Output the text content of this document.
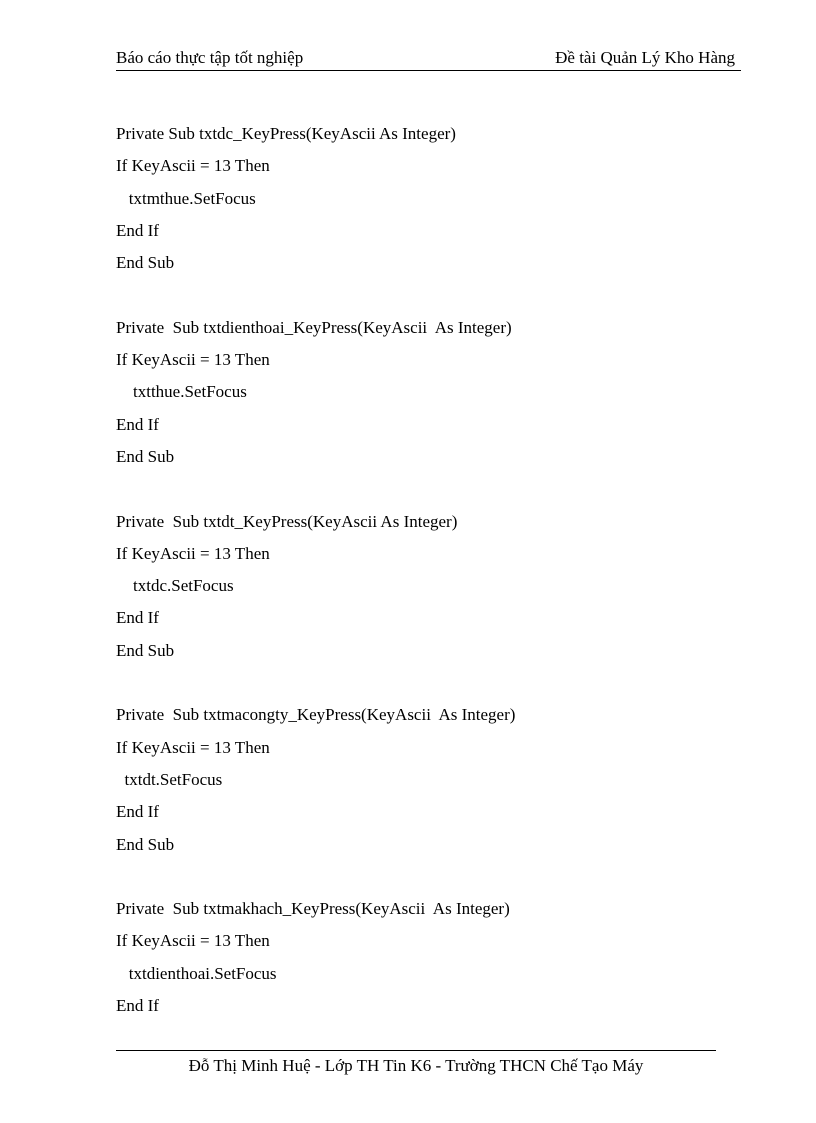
Báo cáo thực tập tốt nghiệp	Đề tài Quản Lý Kho Hàng
Private Sub txtdc_KeyPress(KeyAscii As Integer)
If KeyAscii = 13 Then
txtmthue.SetFocus
End If
End Sub
Private  Sub txtdienthoai_KeyPress(KeyAscii  As Integer)
If KeyAscii = 13 Then
txtthue.SetFocus
End If
End Sub
Private  Sub txtdt_KeyPress(KeyAscii As Integer)
If KeyAscii = 13 Then
txtdc.SetFocus
End If
End Sub
Private  Sub txtmacongty_KeyPress(KeyAscii  As Integer)
If KeyAscii = 13 Then
txtdt.SetFocus
End If
End Sub
Private  Sub txtmakhach_KeyPress(KeyAscii  As Integer)
If KeyAscii = 13 Then
txtdienthoai.SetFocus
End If
Đỗ Thị Minh Huệ - Lớp TH Tin K6 - Trường THCN Chế Tạo Máy
